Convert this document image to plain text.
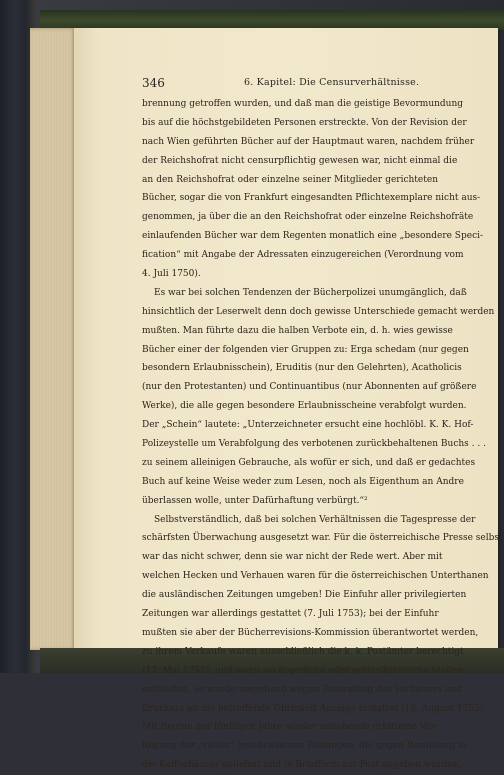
346	6. Kapitel: Die Censurverhältnisse.
brennung getroffen wurden, und daß man die geistige Bevormundung
bis auf die höchstgebildeten Personen erstreckte. Von der Revision der
nach Wien geführten Bücher auf der Hauptmaut waren, nachdem früher
der Reichshofrat nicht censurpflichtig gewesen war, nicht einmal die
an den Reichshofrat oder einzelne seiner Mitglieder gerichteten
Bücher, sogar die von Frankfurt eingesandten Pflichtexemplare nicht aus-
genommen, ja über die an den Reichshofrat oder einzelne Reichshofräte
einlaufenden Bücher war dem Regenten monatlich eine „besondere Speci-
fication“ mit Angabe der Adressaten einzugereichen (Verordnung vom
4. Juli 1750).
Es war bei solchen Tendenzen der Bücherpolizei unumgänglich, daß
hinsichtlich der Leserwelt denn doch gewisse Unterschiede gemacht werden
mußten. Man führte dazu die halben Verbote ein, d. h. wies gewisse
Bücher einer der folgenden vier Gruppen zu: Erga schedam (nur gegen
besondern Erlaubnisschein), Eruditis (nur den Gelehrten), Acatholicis
(nur den Protestanten) und Continuantibus (nur Abonnenten auf größere
Werke), die alle gegen besondere Erlaubnisscheine verabfolgt wurden.
Der „Schein“ lautete: „Unterzeichneter ersucht eine hochlöbl. K. K. Hof-
Polizeystelle um Verabfolgung des verbotenen zurückbehaltenen Buchs . . .
zu seinem alleinigen Gebrauche, als wofür er sich, und daß er gedachtes
Buch auf keine Weise weder zum Lesen, noch als Eigenthum an Andre
überlassen wolle, unter Dafürhaftung verbürgt.“²
Selbstverständlich, daß bei solchen Verhältnissen die Tagespresse der
schärfsten Überwachung ausgesetzt war. Für die österreichische Presse selbst
war das nicht schwer, denn sie war nicht der Rede wert. Aber mit
welchen Hecken und Verhauen waren für die österreichischen Unterthanen
die ausländischen Zeitungen umgeben! Die Einfuhr aller privilegierten
Zeitungen war allerdings gestattet (7. Juli 1753); bei der Einfuhr
mußten sie aber der Bücherrevisions-Kommission überantwortet werden,
zu ihrem Verkaufe waren ausschließlich die k. k. Postämter berechtigt
(17. Mai 1751), und wenn sie ärgerliche oder gotteslästerliche Stellen
enthielten, so wurde umgehend wegen Bestrafung des Verfassers und
Druckers an die betreffende Obrigkeit Anzeige erstattet (18. August 1753).
Mit Beginn der fünfziger Jahre wieder anhebende erbitterte Ver-
folgung der „vielen“ geschriebenen Zeitungen, die gegen Bezahlung in
die Kaffeehäuser geliefert und in Briefform zur Post gegeben wurden,
